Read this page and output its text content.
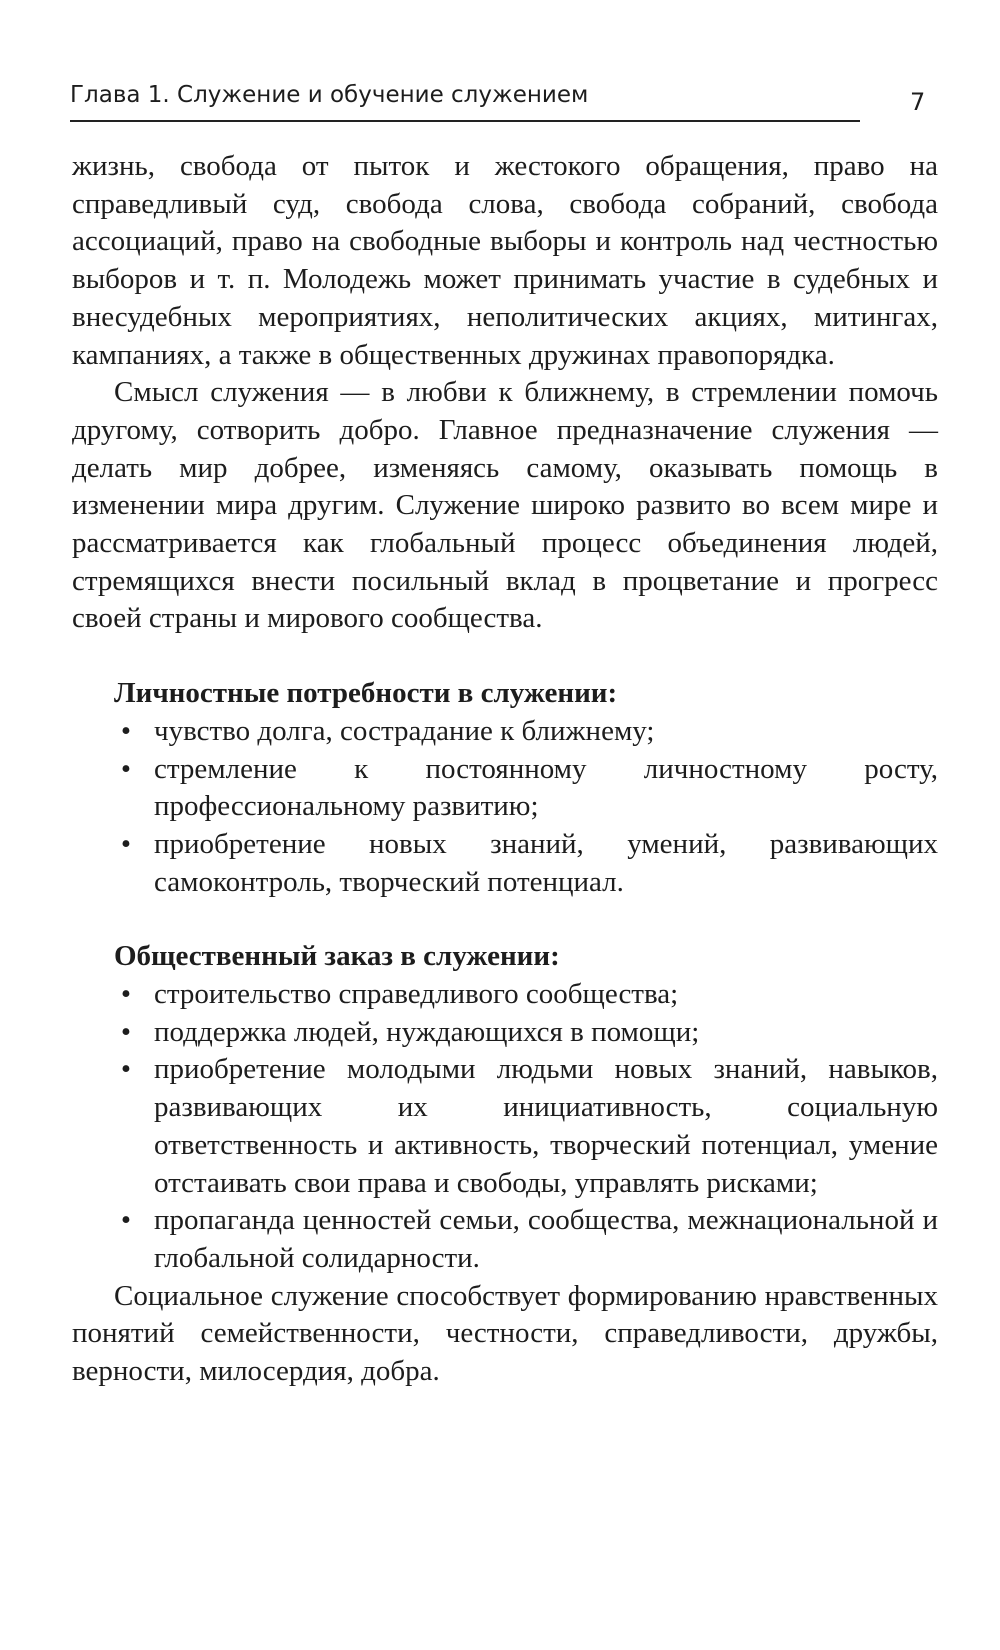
Глава 1. Служение и обучение служением	7

жизнь, свобода от пыток и жестокого обращения, право на справедливый суд, свобода слова, свобода собраний, свобода ассоциаций, право на свободные выборы и контроль над честностью выборов и т. п. Молодежь может принимать участие в судебных и внесудебных мероприятиях, неполитических акциях, митингах, кампаниях, а также в общественных дружинах правопорядка.

Смысл служения — в любви к ближнему, в стремлении помочь другому, сотворить добро. Главное предназначение служения — делать мир добрее, изменяясь самому, оказывать помощь в изменении мира другим. Служение широко развито во всем мире и рассматривается как глобальный процесс объединения людей, стремящихся внести посильный вклад в процветание и прогресс своей страны и мирового сообщества.

Личностные потребности в служении:

• чувство долга, сострадание к ближнему;
• стремление к постоянному личностному росту, профессиональному развитию;
• приобретение новых знаний, умений, развивающих самоконтроль, творческий потенциал.

Общественный заказ в служении:

• строительство справедливого сообщества;
• поддержка людей, нуждающихся в помощи;
• приобретение молодыми людьми новых знаний, навыков, развивающих их инициативность, социальную ответственность и активность, творческий потенциал, умение отстаивать свои права и свободы, управлять рисками;
• пропаганда ценностей семьи, сообщества, межнациональной и глобальной солидарности.

Социальное служение способствует формированию нравственных понятий семейственности, честности, справедливости, дружбы, верности, милосердия, добра.
